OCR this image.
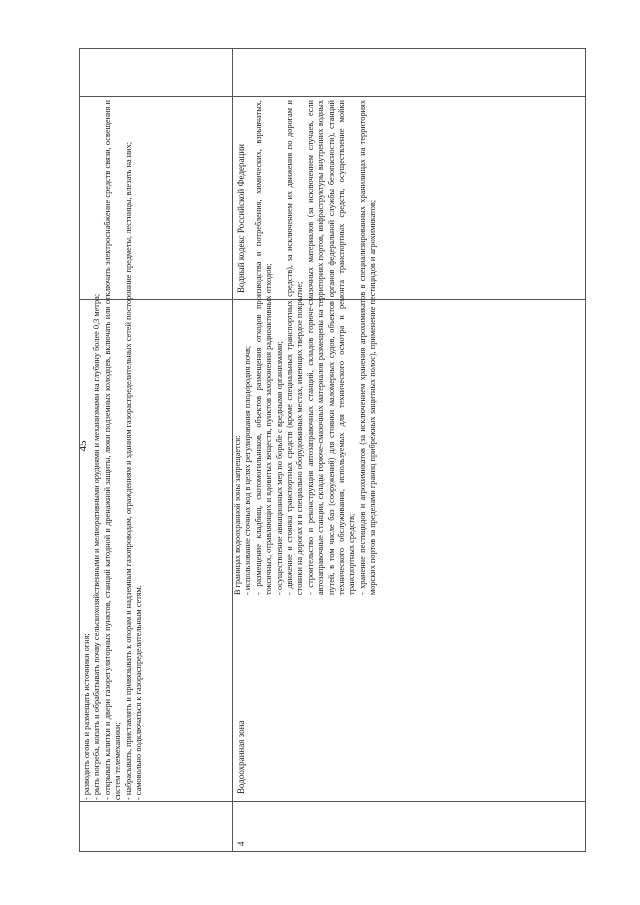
45

- разводить огонь и размещать источники огня; - рыть погреба, копать и обрабатывать почву сельскохозяйственными и мелиоративными орудиями и механизмами на глубину более 0,3 метра; - открывать калитки и двери газорегуляторных пунктов, станций катодной и дренажной защиты, люки подземных колодцев, включать или отключать электроснабжение средств связи, освещения и систем телемеханики; - набрасывать, приставлять и привязывать к опорам и надземным газопроводам, ограждениям и зданиям газораспределительных сетей посторонние предметы, лестницы, влезать на них; - самовольно подключаться к газораспределительным сетям.

4
Водоохранная зона

В границах водоохранной зоны запрещается: - использование сточных вод в целях регулирования плодородия почв; - размещение кладбищ, скотомогильников, объектов размещения отходов производства и потребления, химических, взрывчатых, токсичных, отравляющих и ядовитых веществ, пунктов захоронения радиоактивных отходов; - осуществление авиационных мер по борьбе с вредными организмами; - движение и стоянка транспортных средств (кроме специальных транспортных средств), за исключением их движения по дорогам и стоянки на дорогах и в специально оборудованных местах, имеющих твердое покрытие; - строительство и реконструкция автозаправочных станций, складов горюче-смазочных материалов (за исключением случаев, если автозаправочные станции, склады горюче-смазочных материалов размещены на территориях портов, инфраструктуры внутренних водных путей, в том числе баз (сооружений) для стоянки маломерных судов, объектов органов федеральной службы безопасности), станций технического обслуживания, используемых для технического осмотра и ремонта транспортных средств, осуществление мойки транспортных средств; - хранение пестицидов и агрохимикатов (за исключением хранения агрохимикатов в специализированных хранилищах на территориях морских портов за пределами границ прибрежных защитных полос), применение пестицидов и агрохимикатов;

Водный кодекс Российской Федерации
